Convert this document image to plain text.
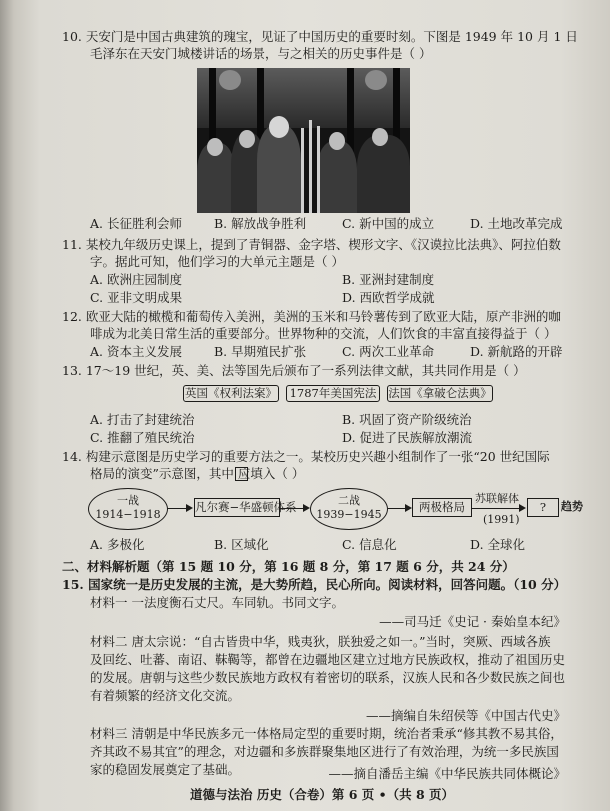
10. 天安门是中国古典建筑的瑰宝，见证了中国历史的重要时刻。下图是 1949 年 10 月 1 日
毛泽东在天安门城楼讲话的场景，与之相关的历史事件是（ ）
A. 长征胜利会师	B. 解放战争胜利	C. 新中国的成立	D. 土地改革完成
11. 某校九年级历史课上，提到了青铜器、金字塔、楔形文字、《汉谟拉比法典》、阿拉伯数
字。据此可知，他们学习的大单元主题是（ ）
A. 欧洲庄园制度	B. 亚洲封建制度
C. 亚非文明成果	D. 西欧哲学成就
12. 欧亚大陆的橄榄和葡萄传入美洲，美洲的玉米和马铃薯传到了欧亚大陆，原产非洲的咖
啡成为北美日常生活的重要部分。世界物种的交流，人们饮食的丰富直接得益于（ ）
A. 资本主义发展	B. 早期殖民扩张	C. 两次工业革命	D. 新航路的开辟
13. 17～19 世纪，英、美、法等国先后颁布了一系列法律文献，其共同作用是（ ）
英国《权利法案》	1787年美国宪法	法国《拿破仑法典》
A. 打击了封建统治	B. 巩固了资产阶级统治
C. 推翻了殖民统治	D. 促进了民族解放潮流
14. 构建示意图是历史学习的重要方法之一。某校历史兴趣小组制作了一张“20 世纪国际
格局的演变”示意图，其中 应填入（ ）
一战
1914−1918
凡尔赛−华盛顿体系	二战
1939−1945
两极格局
苏联解体
(1991)
?	趋势
A. 多极化	B. 区域化	C. 信息化	D. 全球化
二、材料解析题（第 15 题 10 分，第 16 题 8 分，第 17 题 6 分，共 24 分）
15. 国家统一是历史发展的主流，是大势所趋，民心所向。阅读材料，回答问题。（10 分）
材料一 一法度衡石丈尺。车同轨。书同文字。
——司马迁《史记 · 秦始皇本纪》
材料二 唐太宗说：“自古皆贵中华，贱夷狄，朕独爱之如一。”当时，突厥、西域各族
及回纥、吐蕃、南诏、靺鞨等，都曾在边疆地区建立过地方民族政权，推动了祖国历史
的发展。唐朝与这些少数民族地方政权有着密切的联系，汉族人民和各少数民族之间也
有着频繁的经济文化交流。
——摘编自朱绍侯等《中国古代史》
材料三 清朝是中华民族多元一体格局定型的重要时期，统治者秉承“修其教不易其俗，
齐其政不易其宜”的理念，对边疆和多族群聚集地区进行了有效治理，为统一多民族国
家的稳固发展奠定了基础。	——摘自潘岳主编《中华民族共同体概论》
道德与法治 历史（合卷）第 6 页 •（共 8 页）
